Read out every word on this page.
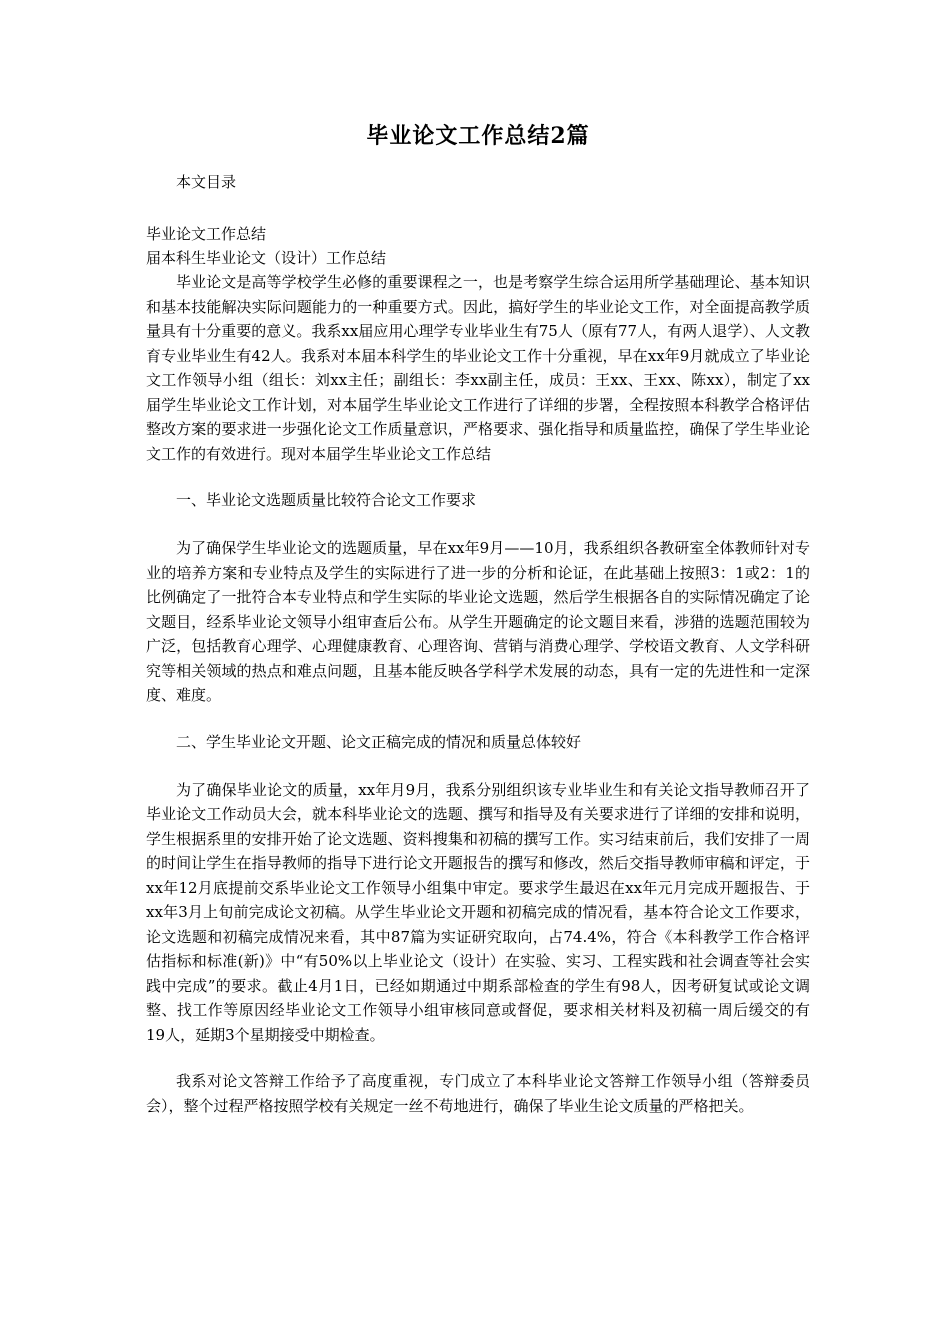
毕业论文工作总结2篇

本文目录

毕业论文工作总结

届本科生毕业论文（设计）工作总结

毕业论文是高等学校学生必修的重要课程之一，也是考察学生综合运用所学基础理论、基本知识和基本技能解决实际问题能力的一种重要方式。因此，搞好学生的毕业论文工作，对全面提高教学质量具有十分重要的意义。我系xx届应用心理学专业毕业生有75人（原有77人，有两人退学）、人文教育专业毕业生有42人。我系对本届本科学生的毕业论文工作十分重视，早在xx年9月就成立了毕业论文工作领导小组（组长：刘xx主任；副组长：李xx副主任，成员：王xx、王xx、陈xx），制定了xx届学生毕业论文工作计划，对本届学生毕业论文工作进行了详细的步署，全程按照本科教学合格评估整改方案的要求进一步强化论文工作质量意识，严格要求、强化指导和质量监控，确保了学生毕业论文工作的有效进行。现对本届学生毕业论文工作总结

一、毕业论文选题质量比较符合论文工作要求

为了确保学生毕业论文的选题质量，早在xx年9月——10月，我系组织各教研室全体教师针对专业的培养方案和专业特点及学生的实际进行了进一步的分析和论证，在此基础上按照3：1或2：1的比例确定了一批符合本专业特点和学生实际的毕业论文选题，然后学生根据各自的实际情况确定了论文题目，经系毕业论文领导小组审查后公布。从学生开题确定的论文题目来看，涉猎的选题范围较为广泛，包括教育心理学、心理健康教育、心理咨询、营销与消费心理学、学校语文教育、人文学科研究等相关领域的热点和难点问题，且基本能反映各学科学术发展的动态，具有一定的先进性和一定深度、难度。

二、学生毕业论文开题、论文正稿完成的情况和质量总体较好

为了确保毕业论文的质量，xx年月9月，我系分别组织该专业毕业生和有关论文指导教师召开了毕业论文工作动员大会，就本科毕业论文的选题、撰写和指导及有关要求进行了详细的安排和说明，学生根据系里的安排开始了论文选题、资料搜集和初稿的撰写工作。实习结束前后，我们安排了一周的时间让学生在指导教师的指导下进行论文开题报告的撰写和修改，然后交指导教师审稿和评定，于xx年12月底提前交系毕业论文工作领导小组集中审定。要求学生最迟在xx年元月完成开题报告、于xx年3月上旬前完成论文初稿。从学生毕业论文开题和初稿完成的情况看，基本符合论文工作要求，论文选题和初稿完成情况来看，其中87篇为实证研究取向，占74.4%，符合《本科教学工作合格评估指标和标准(新)》中“有50%以上毕业论文（设计）在实验、实习、工程实践和社会调查等社会实践中完成”的要求。截止4月1日，已经如期通过中期系部检查的学生有98人，因考研复试或论文调整、找工作等原因经毕业论文工作领导小组审核同意或督促，要求相关材料及初稿一周后缓交的有19人，延期3个星期接受中期检查。

我系对论文答辩工作给予了高度重视，专门成立了本科毕业论文答辩工作领导小组（答辩委员会），整个过程严格按照学校有关规定一丝不苟地进行，确保了毕业生论文质量的严格把关。
